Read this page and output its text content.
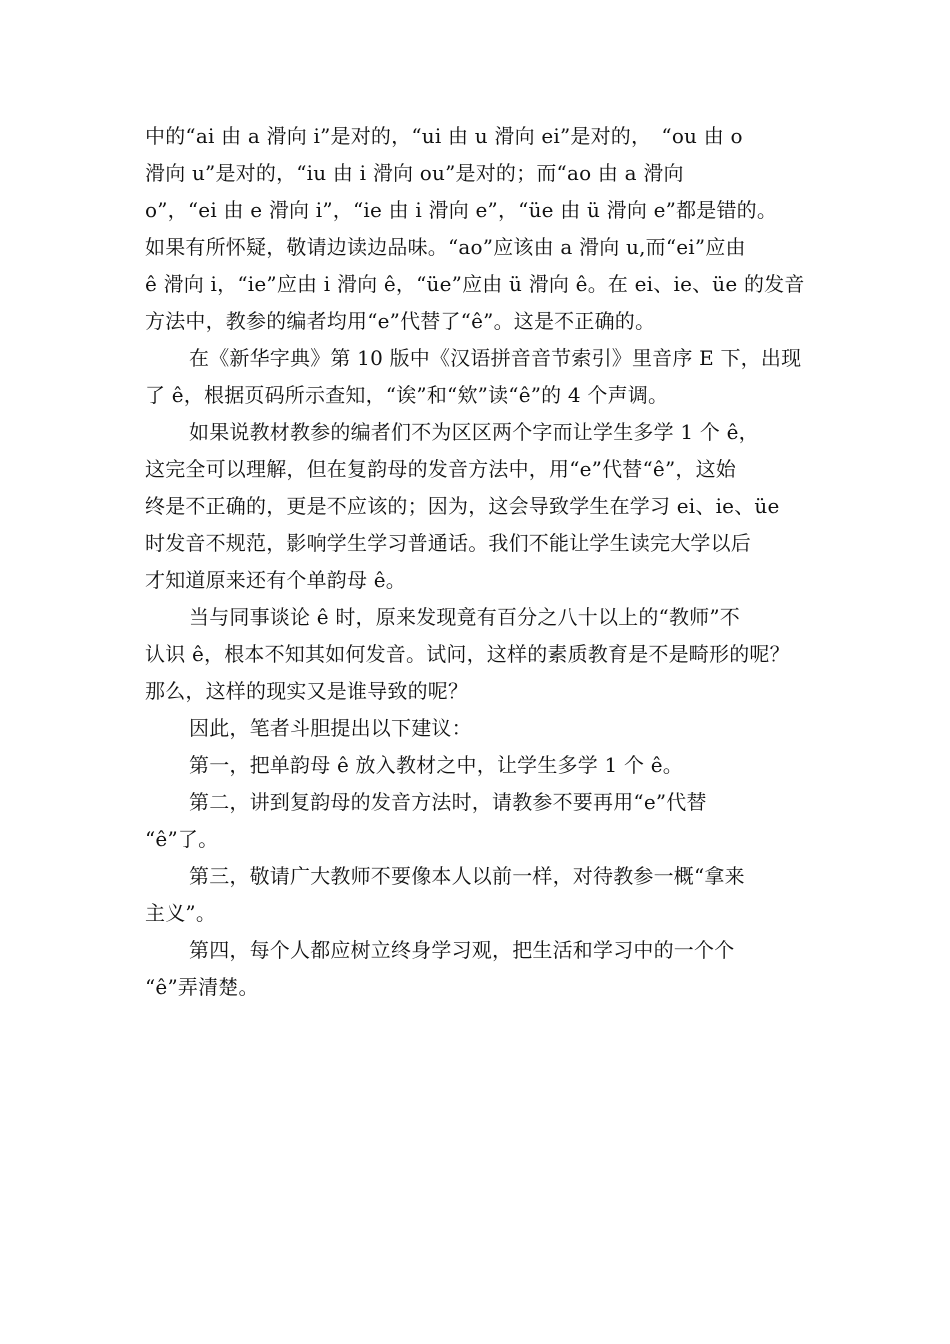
中的“ai 由 a 滑向 i”是对的，“ui 由 u 滑向 ei”是对的，　“ou 由 o
滑向 u”是对的，“iu 由 i 滑向 ou”是对的；而“ao 由 a 滑向
o”，“ei 由 e 滑向 i”，“ie 由 i 滑向 e”，“üe 由 ü 滑向 e”都是错的。
如果有所怀疑，敬请边读边品味。“ao”应该由 a 滑向 u,而“ei”应由
ê 滑向 i，“ie”应由 i 滑向 ê，“üe”应由 ü 滑向 ê。在 ei、ie、üe 的发音
方法中，教参的编者均用“e”代替了“ê”。这是不正确的。
在《新华字典》第 10 版中《汉语拼音音节索引》里音序 E 下，出现
了 ê，根据页码所示查知，“诶”和“欸”读“ê”的 4 个声调。
如果说教材教参的编者们不为区区两个字而让学生多学 1 个 ê，
这完全可以理解，但在复韵母的发音方法中，用“e”代替“ê”，这始
终是不正确的，更是不应该的；因为，这会导致学生在学习 ei、ie、üe
时发音不规范，影响学生学习普通话。我们不能让学生读完大学以后
才知道原来还有个单韵母 ê。
当与同事谈论 ê 时，原来发现竟有百分之八十以上的“教师”不
认识 ê，根本不知其如何发音。试问，这样的素质教育是不是畸形的呢？
那么，这样的现实又是谁导致的呢？
因此，笔者斗胆提出以下建议：
第一，把单韵母 ê 放入教材之中，让学生多学 1 个 ê。
第二，讲到复韵母的发音方法时，请教参不要再用“e”代替
“ê”了。
第三，敬请广大教师不要像本人以前一样，对待教参一概“拿来
主义”。
第四，每个人都应树立终身学习观，把生活和学习中的一个个
“ê”弄清楚。
